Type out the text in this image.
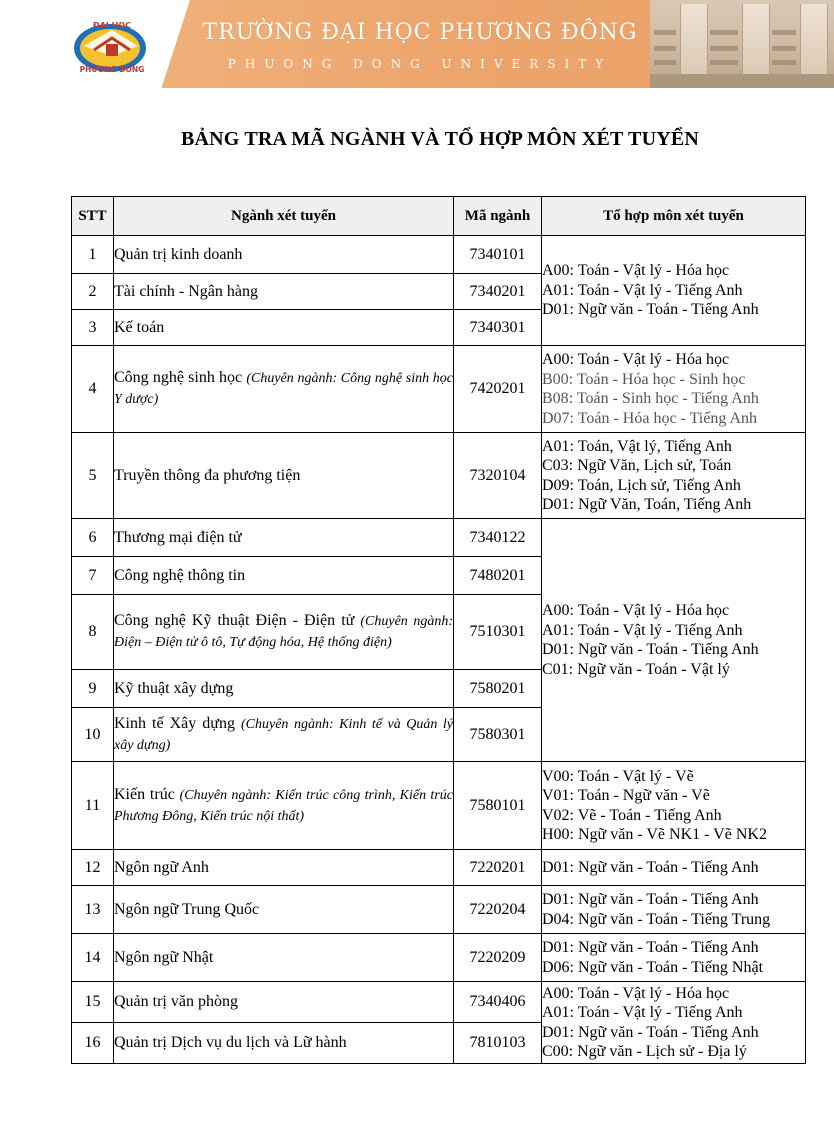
ĐẠI HỌC
PHƯƠNG ĐÔNG
TRƯỜNG ĐẠI HỌC PHƯƠNG ĐÔNG
PHUONG DONG UNIVERSITY
BẢNG TRA MÃ NGÀNH VÀ TỔ HỢP MÔN XÉT TUYỂN
STT	Ngành xét tuyển	Mã ngành	Tổ hợp môn xét tuyển
1	Quản trị kinh doanh	7340101	A00: Toán - Vật lý - Hóa học
A01: Toán - Vật lý - Tiếng Anh
D01: Ngữ văn - Toán - Tiếng Anh

2	Tài chính - Ngân hàng	7340201	
3	Kế toán	7340301	
4	Công nghệ sinh học (Chuyên ngành: Công nghệ sinh học Y dược)	7420201	A00: Toán - Vật lý - Hóa học
B00: Toán - Hóa học - Sinh học
B08: Toán - Sinh học - Tiếng Anh
D07: Toán - Hóa học - Tiếng Anh

5	Truyền thông đa phương tiện	7320104	A01: Toán, Vật lý, Tiếng Anh
C03: Ngữ Văn, Lịch sử, Toán
D09: Toán, Lịch sử, Tiếng Anh
D01: Ngữ Văn, Toán, Tiếng Anh

6	Thương mại điện tử	7340122	A00: Toán - Vật lý - Hóa học
A01: Toán - Vật lý - Tiếng Anh
D01: Ngữ văn - Toán - Tiếng Anh
C01: Ngữ văn - Toán - Vật lý

7	Công nghệ thông tin	7480201	
8	Công nghệ Kỹ thuật Điện - Điện tử (Chuyên ngành: Điện – Điện tử ô tô, Tự động hóa, Hệ thống điện)	7510301	
9	Kỹ thuật xây dựng	7580201	
10	Kinh tế Xây dựng (Chuyên ngành: Kinh tế và Quản lý xây dựng)	7580301	
11	Kiến trúc (Chuyên ngành: Kiến trúc công trình, Kiến trúc Phương Đông, Kiến trúc nội thất)	7580101	V00: Toán - Vật lý - Vẽ
V01: Toán - Ngữ văn - Vẽ
V02: Vẽ - Toán - Tiếng Anh
H00: Ngữ văn - Vẽ NK1 - Vẽ NK2

12	Ngôn ngữ Anh	7220201	D01: Ngữ văn - Toán - Tiếng Anh

13	Ngôn ngữ Trung Quốc	7220204	D01: Ngữ văn - Toán - Tiếng Anh
D04: Ngữ văn - Toán - Tiếng Trung

14	Ngôn ngữ Nhật	7220209	D01: Ngữ văn - Toán - Tiếng Anh
D06: Ngữ văn - Toán - Tiếng Nhật

15	Quản trị văn phòng	7340406	A00: Toán - Vật lý - Hóa học
A01: Toán - Vật lý - Tiếng Anh
D01: Ngữ văn - Toán - Tiếng Anh
C00: Ngữ văn - Lịch sử - Địa lý

16	Quản trị Dịch vụ du lịch và Lữ hành	7810103	
